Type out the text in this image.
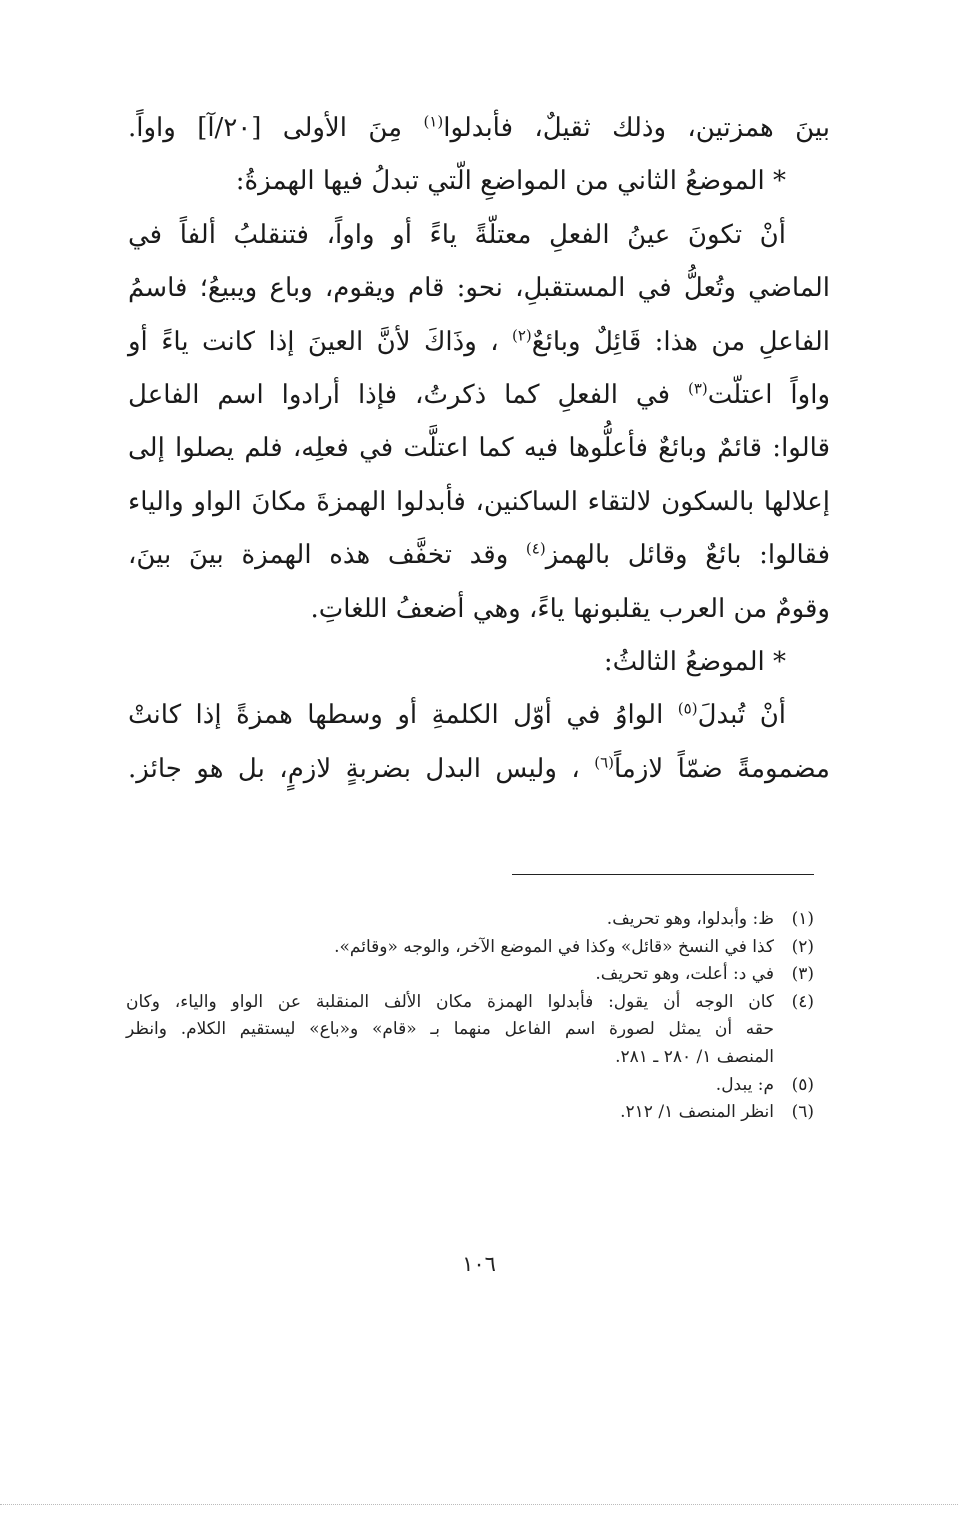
بينَ همزتين، وذلك ثقيلٌ، فأبدلوا$^{(١)}$ مِنَ الأولى [٢٠/آ] واواً.
* الموضعُ الثاني من المواضعِ الّتي تبدلُ فيها الهمزةُ:
أنْ تكونَ عينُ الفعلِ معتلّةً ياءً أو واواً، فتنقلبُ ألفاً في
الماضي وتُعلُّ في المستقبلِ، نحو: قام ويقوم، وباع ويبيعُ؛ فاسمُ
الفاعلِ من هذا: قَائِلٌ وبائعٌ$^{(٢)}$ ، وذَاكَ لأنَّ العينَ إذا كانت ياءً أو
واواً اعتلّت$^{(٣)}$ في الفعلِ كما ذكرتُ، فإذا أرادوا اسم الفاعل
قالوا: قائمٌ وبائعٌ فأعلُّوها فيه كما اعتلَّت في فعلِه، فلم يصلوا إلى
إعلالها بالسكون لالتقاء الساكنين، فأبدلوا الهمزةَ مكانَ الواو والياء
فقالوا: بائعٌ وقائل بالهمز$^{(٤)}$ وقد تخفَّف هذه الهمزة بينَ بينَ،
وقومٌ من العرب يقلبونها ياءً، وهي أضعفُ اللغاتِ.
* الموضعُ الثالثُ:
أنْ تُبدلَ$^{(٥)}$ الواوُ في أوّل الكلمةِ أو وسطها همزةً إذا كانتْ
مضمومةً ضمّاً لازماً$^{(٦)}$ ، وليس البدل بضربةٍ لازمٍ، بل هو جائز.
(١)
ظ: وأبدلوا، وهو تحريف.
(٢)
كذا في النسخ «قائل» وكذا في الموضع الآخر، والوجه «وقائم».
(٣)
في د: أعلت، وهو تحريف.
(٤)
كان الوجه أن يقول: فأبدلوا الهمزة مكان الألف المنقلبة عن الواو والياء، وكان
حقه أن يمثل لصورة اسم الفاعل منهما بـ «قام» و«باع» ليستقيم الكلام. وانظر
المنصف ١/ ٢٨٠ ـ ٢٨١.
(٥)
م: يبدل.
(٦)
انظر المنصف ١/ ٢١٢.
١٠٦
